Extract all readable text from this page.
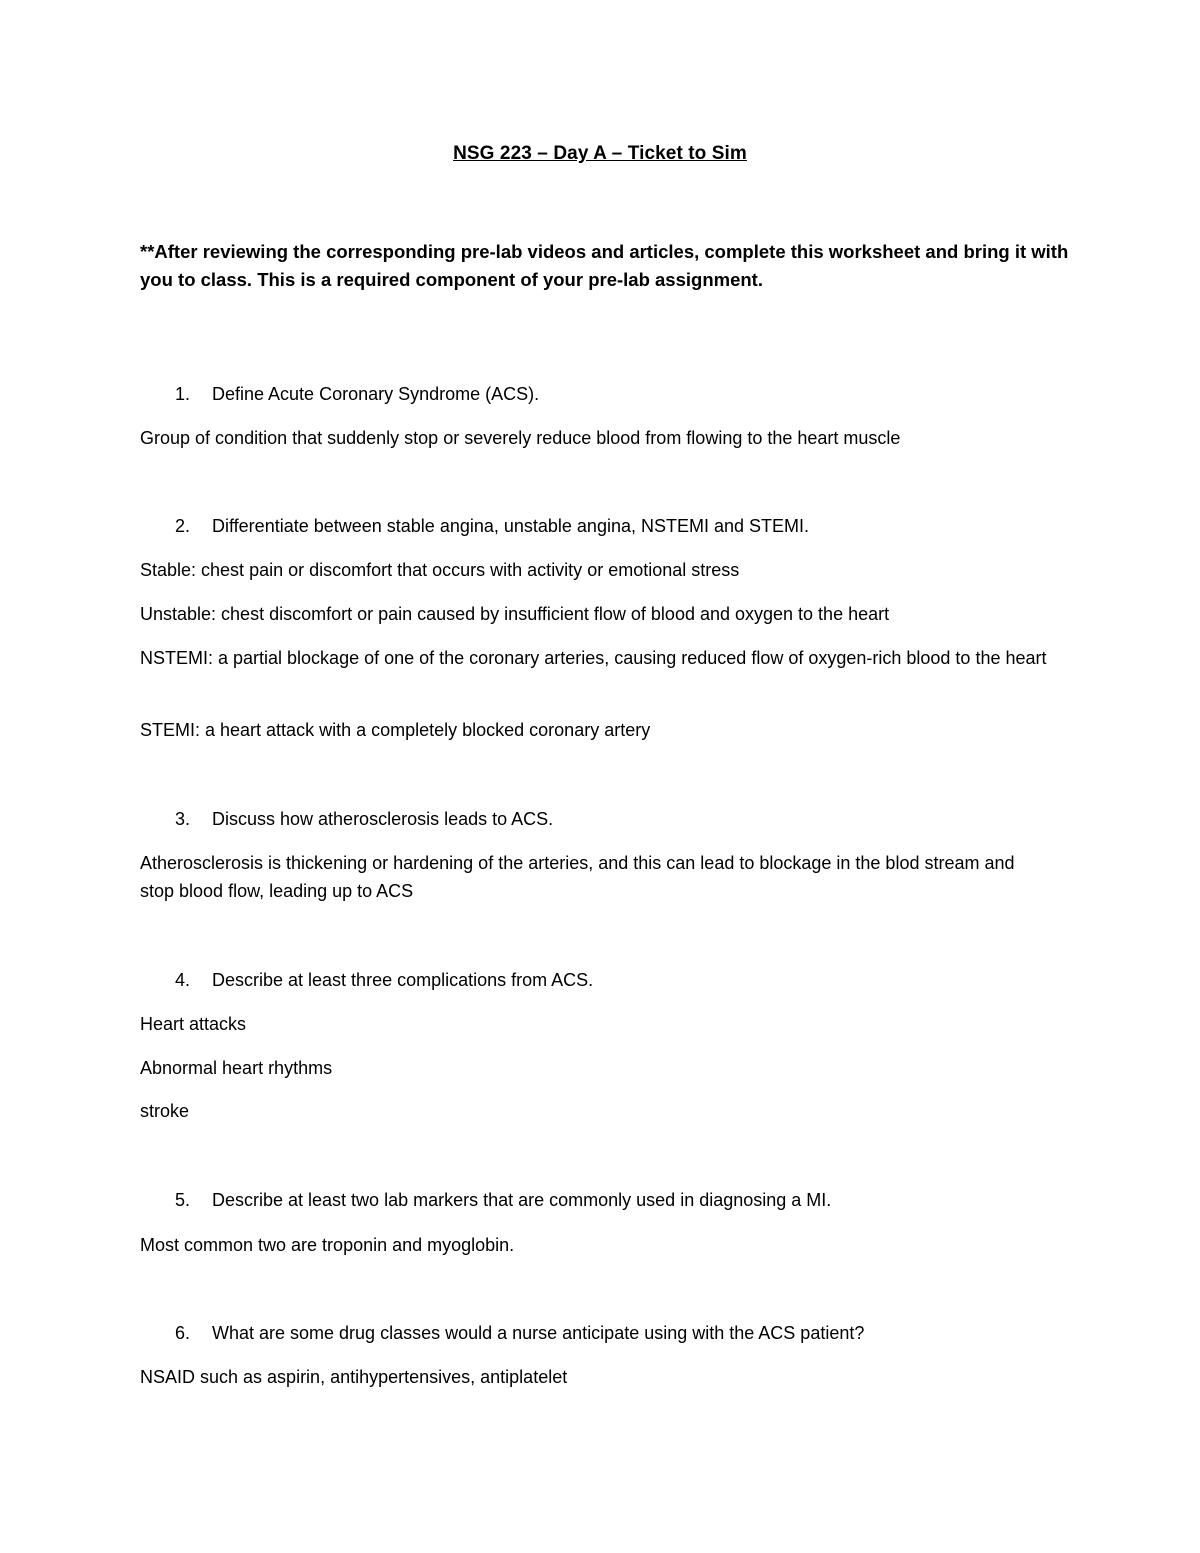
NSG 223 – Day A – Ticket to Sim
**After reviewing the corresponding pre-lab videos and articles, complete this worksheet and bring it with you to class. This is a required component of your pre-lab assignment.
1. Define Acute Coronary Syndrome (ACS).
Group of condition that suddenly stop or severely reduce blood from flowing to the heart muscle
2. Differentiate between stable angina, unstable angina, NSTEMI and STEMI.
Stable: chest pain or discomfort that occurs with activity or emotional stress
Unstable: chest discomfort or pain caused by insufficient flow of blood and oxygen to the heart
NSTEMI: a partial blockage of one of the coronary arteries, causing reduced flow of oxygen-rich blood to the heart
STEMI: a heart attack with a completely blocked coronary artery
3. Discuss how atherosclerosis leads to ACS.
Atherosclerosis is thickening or hardening of the arteries, and this can lead to blockage in the blod stream and stop blood flow, leading up to ACS
4. Describe at least three complications from ACS.
Heart attacks
Abnormal heart rhythms
stroke
5. Describe at least two lab markers that are commonly used in diagnosing a MI.
Most common two are troponin and myoglobin.
6. What are some drug classes would a nurse anticipate using with the ACS patient?
NSAID such as aspirin, antihypertensives, antiplatelet
